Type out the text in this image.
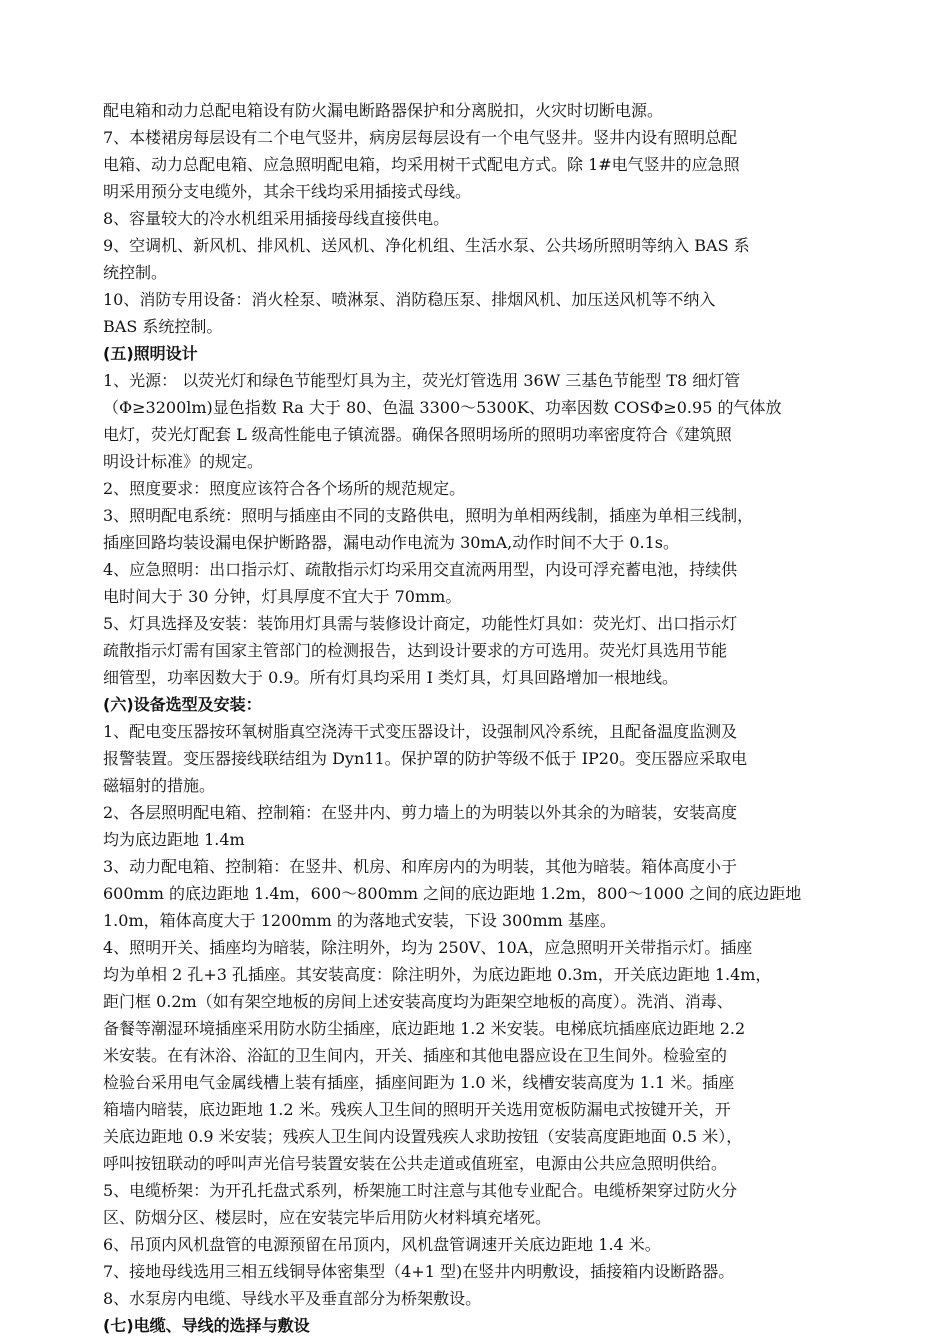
配电箱和动力总配电箱设有防火漏电断路器保护和分离脱扣，火灾时切断电源。
7、本楼裙房每层设有二个电气竖井，病房层每层设有一个电气竖井。竖井内设有照明总配
电箱、动力总配电箱、应急照明配电箱，均采用树干式配电方式。除 1#电气竖井的应急照
明采用预分支电缆外，其余干线均采用插接式母线。
8、容量较大的冷水机组采用插接母线直接供电。
9、空调机、新风机、排风机、送风机、净化机组、生活水泵、公共场所照明等纳入 BAS 系
统控制。
10、消防专用设备：消火栓泵、喷淋泵、消防稳压泵、排烟风机、加压送风机等不纳入
BAS 系统控制。
(五)照明设计
1、光源： 以荧光灯和绿色节能型灯具为主，荧光灯管选用 36W 三基色节能型 T8 细灯管
（Φ≥3200lm)显色指数 Ra 大于 80、色温 3300～5300K、功率因数 COSΦ≥0.95 的气体放
电灯，荧光灯配套 L 级高性能电子镇流器。确保各照明场所的照明功率密度符合《建筑照
明设计标准》的规定。
2、照度要求：照度应该符合各个场所的规范规定。
3、照明配电系统：照明与插座由不同的支路供电，照明为单相两线制，插座为单相三线制，
插座回路均装设漏电保护断路器，漏电动作电流为 30mA,动作时间不大于 0.1s。
4、应急照明：出口指示灯、疏散指示灯均采用交直流两用型，内设可浮充蓄电池，持续供
电时间大于 30 分钟，灯具厚度不宜大于 70mm。
5、灯具选择及安装：装饰用灯具需与装修设计商定，功能性灯具如：荧光灯、出口指示灯
疏散指示灯需有国家主管部门的检测报告，达到设计要求的方可选用。荧光灯具选用节能
细管型，功率因数大于 0.9。所有灯具均采用 I 类灯具，灯具回路增加一根地线。
(六)设备选型及安装：
1、配电变压器按环氧树脂真空浇涛干式变压器设计，设强制风冷系统，且配备温度监测及
报警装置。变压器接线联结组为 Dyn11。保护罩的防护等级不低于 IP20。变压器应采取电
磁辐射的措施。
2、各层照明配电箱、控制箱：在竖井内、剪力墙上的为明装以外其余的为暗装，安装高度
均为底边距地 1.4m
3、动力配电箱、控制箱：在竖井、机房、和库房内的为明装，其他为暗装。箱体高度小于
600mm 的底边距地 1.4m，600～800mm 之间的底边距地 1.2m，800～1000 之间的底边距地
1.0m，箱体高度大于 1200mm 的为落地式安装，下设 300mm 基座。
4、照明开关、插座均为暗装，除注明外，均为 250V、10A，应急照明开关带指示灯。插座
均为单相 2 孔+3 孔插座。其安装高度：除注明外，为底边距地 0.3m，开关底边距地 1.4m，
距门框 0.2m（如有架空地板的房间上述安装高度均为距架空地板的高度）。洗消、消毒、
备餐等潮湿环境插座采用防水防尘插座，底边距地 1.2 米安装。电梯底坑插座底边距地 2.2
米安装。在有沐浴、浴缸的卫生间内，开关、插座和其他电器应设在卫生间外。检验室的
检验台采用电气金属线槽上装有插座，插座间距为 1.0 米，线槽安装高度为 1.1 米。插座
箱墙内暗装，底边距地 1.2 米。残疾人卫生间的照明开关选用宽板防漏电式按键开关，开
关底边距地 0.9 米安装；残疾人卫生间内设置残疾人求助按钮（安装高度距地面 0.5 米），
呼叫按钮联动的呼叫声光信号装置安装在公共走道或值班室，电源由公共应急照明供给。
5、电缆桥架：为开孔托盘式系列，桥架施工时注意与其他专业配合。电缆桥架穿过防火分
区、防烟分区、楼层时，应在安装完毕后用防火材料填充堵死。
6、吊顶内风机盘管的电源预留在吊顶内，风机盘管调速开关底边距地 1.4 米。
7、接地母线选用三相五线铜导体密集型（4+1 型)在竖井内明敷设，插接箱内设断路器。
8、水泵房内电缆、导线水平及垂直部分为桥架敷设。
(七)电缆、导线的选择与敷设
